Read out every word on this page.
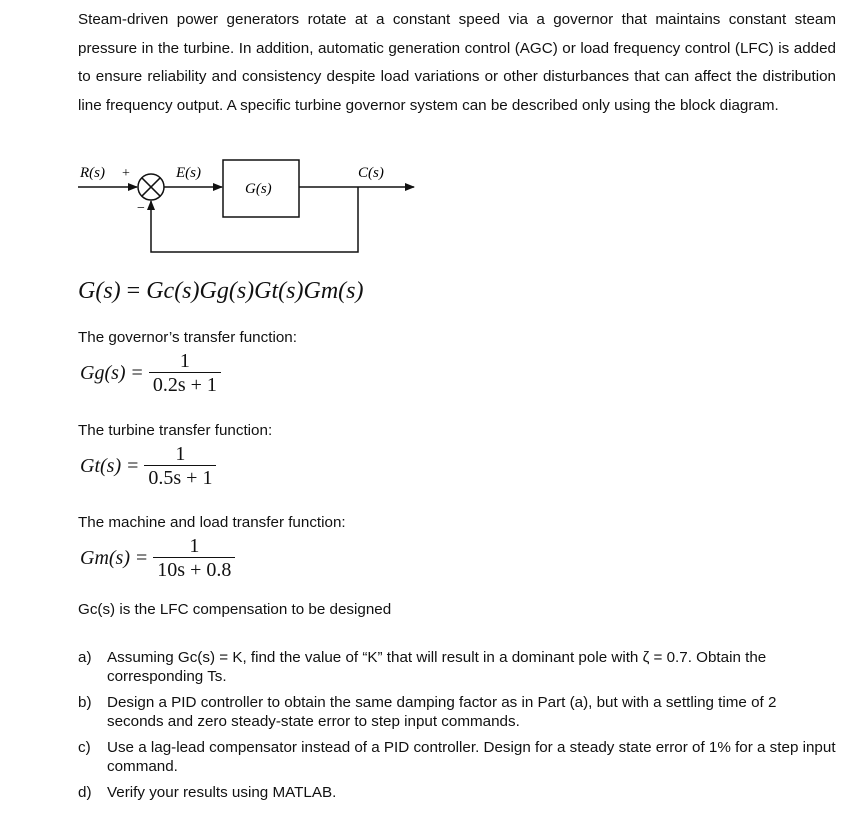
Steam-driven power generators rotate at a constant speed via a governor that maintains constant steam pressure in the turbine. In addition, automatic generation control (AGC) or load frequency control (LFC) is added to ensure reliability and consistency despite load variations or other disturbances that can affect the distribution line frequency output. A specific turbine governor system can be described only using the block diagram.
R(s) +
−
E(s)
G(s)
C(s)
G(s) = Gc(s)Gg(s)Gt(s)Gm(s)
The governor’s transfer function:
$Gg(s) = \frac{1}{0.2s + 1}$
The turbine transfer function:
$Gt(s) = \frac{1}{0.5s + 1}$
The machine and load transfer function:
$Gm(s) = \frac{1}{10s + 0.8}$
Gc(s) is the LFC compensation to be designed
a)	Assuming Gc(s) = K, find the value of “K” that will result in a dominant pole with ζ = 0.7. Obtain the corresponding Ts.
b)	Design a PID controller to obtain the same damping factor as in Part (a), but with a settling time of 2 seconds and zero steady-state error to step input commands.
c)	Use a lag-lead compensator instead of a PID controller. Design for a steady state error of 1% for a step input command.
d)	Verify your results using MATLAB.
